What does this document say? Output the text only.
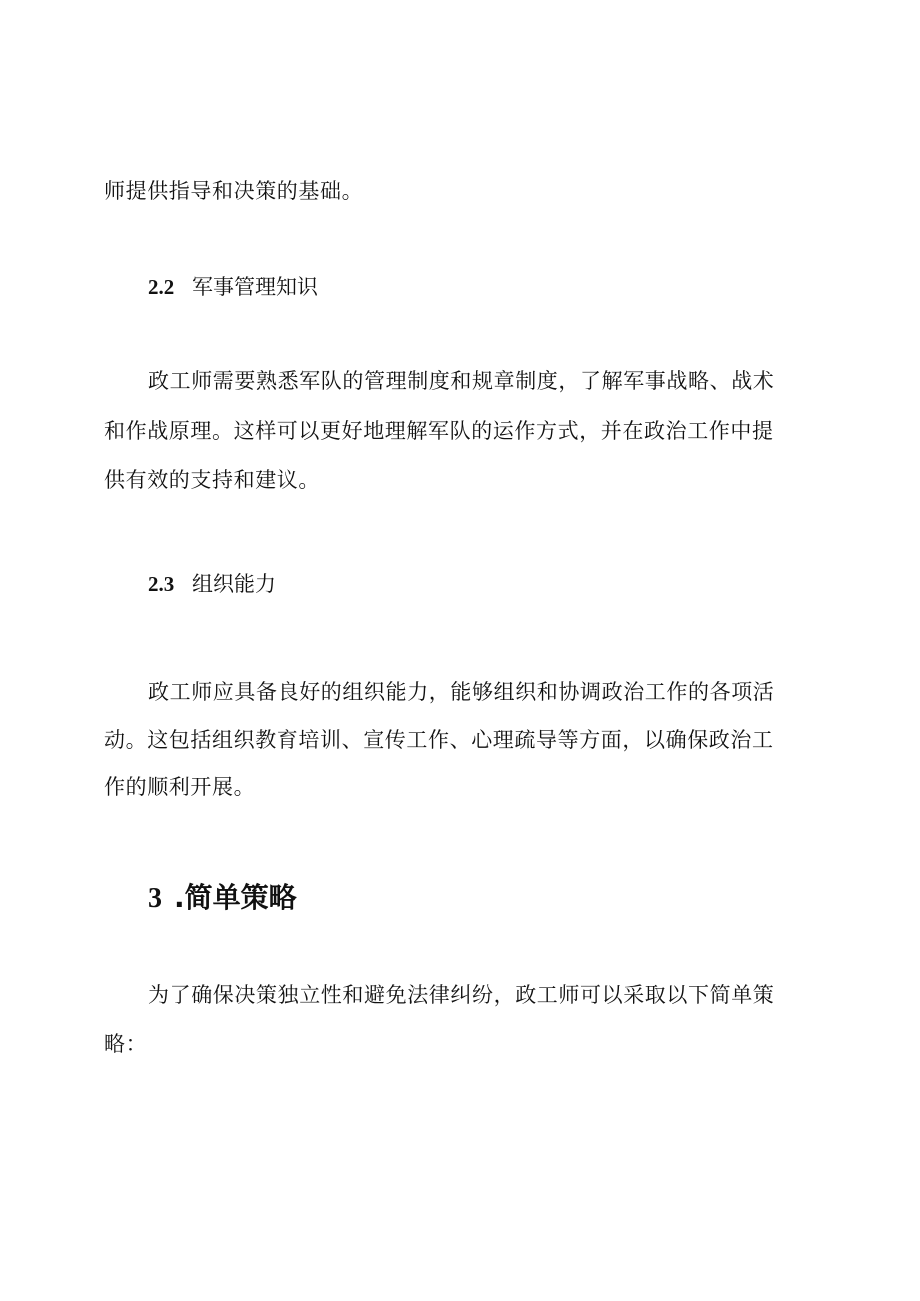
师提供指导和决策的基础。
2.2 军事管理知识
政工师需要熟悉军队的管理制度和规章制度，了解军事战略、战术
和作战原理。这样可以更好地理解军队的运作方式，并在政治工作中提
供有效的支持和建议。
2.3 组织能力
政工师应具备良好的组织能力，能够组织和协调政治工作的各项活
动。这包括组织教育培训、宣传工作、心理疏导等方面，以确保政治工
作的顺利开展。
3 .简单策略
为了确保决策独立性和避免法律纠纷，政工师可以采取以下简单策
略：
